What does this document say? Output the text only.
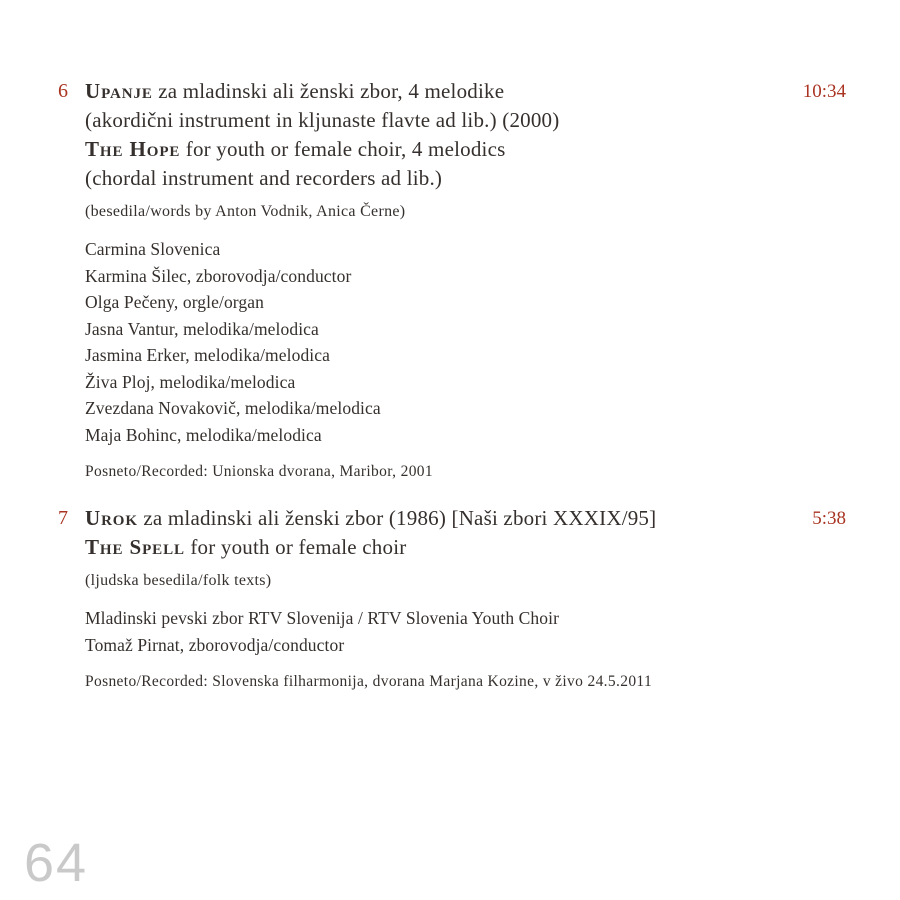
6 Upanje za mladinski ali ženski zbor, 4 melodike
(akordični instrument in kljunaste flavte ad lib.) (2000)
The Hope for youth or female choir, 4 melodics
(chordal instrument and recorders ad lib.)
(besedila/words by Anton Vodnik, Anica Černe)
Carmina Slovenica
Karmina Šilec, zborovodja/conductor
Olga Pečeny, orgle/organ
Jasna Vantur, melodika/melodica
Jasmina Erker, melodika/melodica
Živa Ploj, melodika/melodica
Zvezdana Novakovič, melodika/melodica
Maja Bohinc, melodika/melodica
Posneto/Recorded: Unionska dvorana, Maribor, 2001
10:34
7 Urok za mladinski ali ženski zbor (1986) [Naši zbori XXXIX/95]
The Spell for youth or female choir
(ljudska besedila/folk texts)
Mladinski pevski zbor RTV Slovenija / RTV Slovenia Youth Choir
Tomaž Pirnat, zborovodja/conductor
Posneto/Recorded: Slovenska filharmonija, dvorana Marjana Kozine, v živo 24.5.2011
5:38
64
